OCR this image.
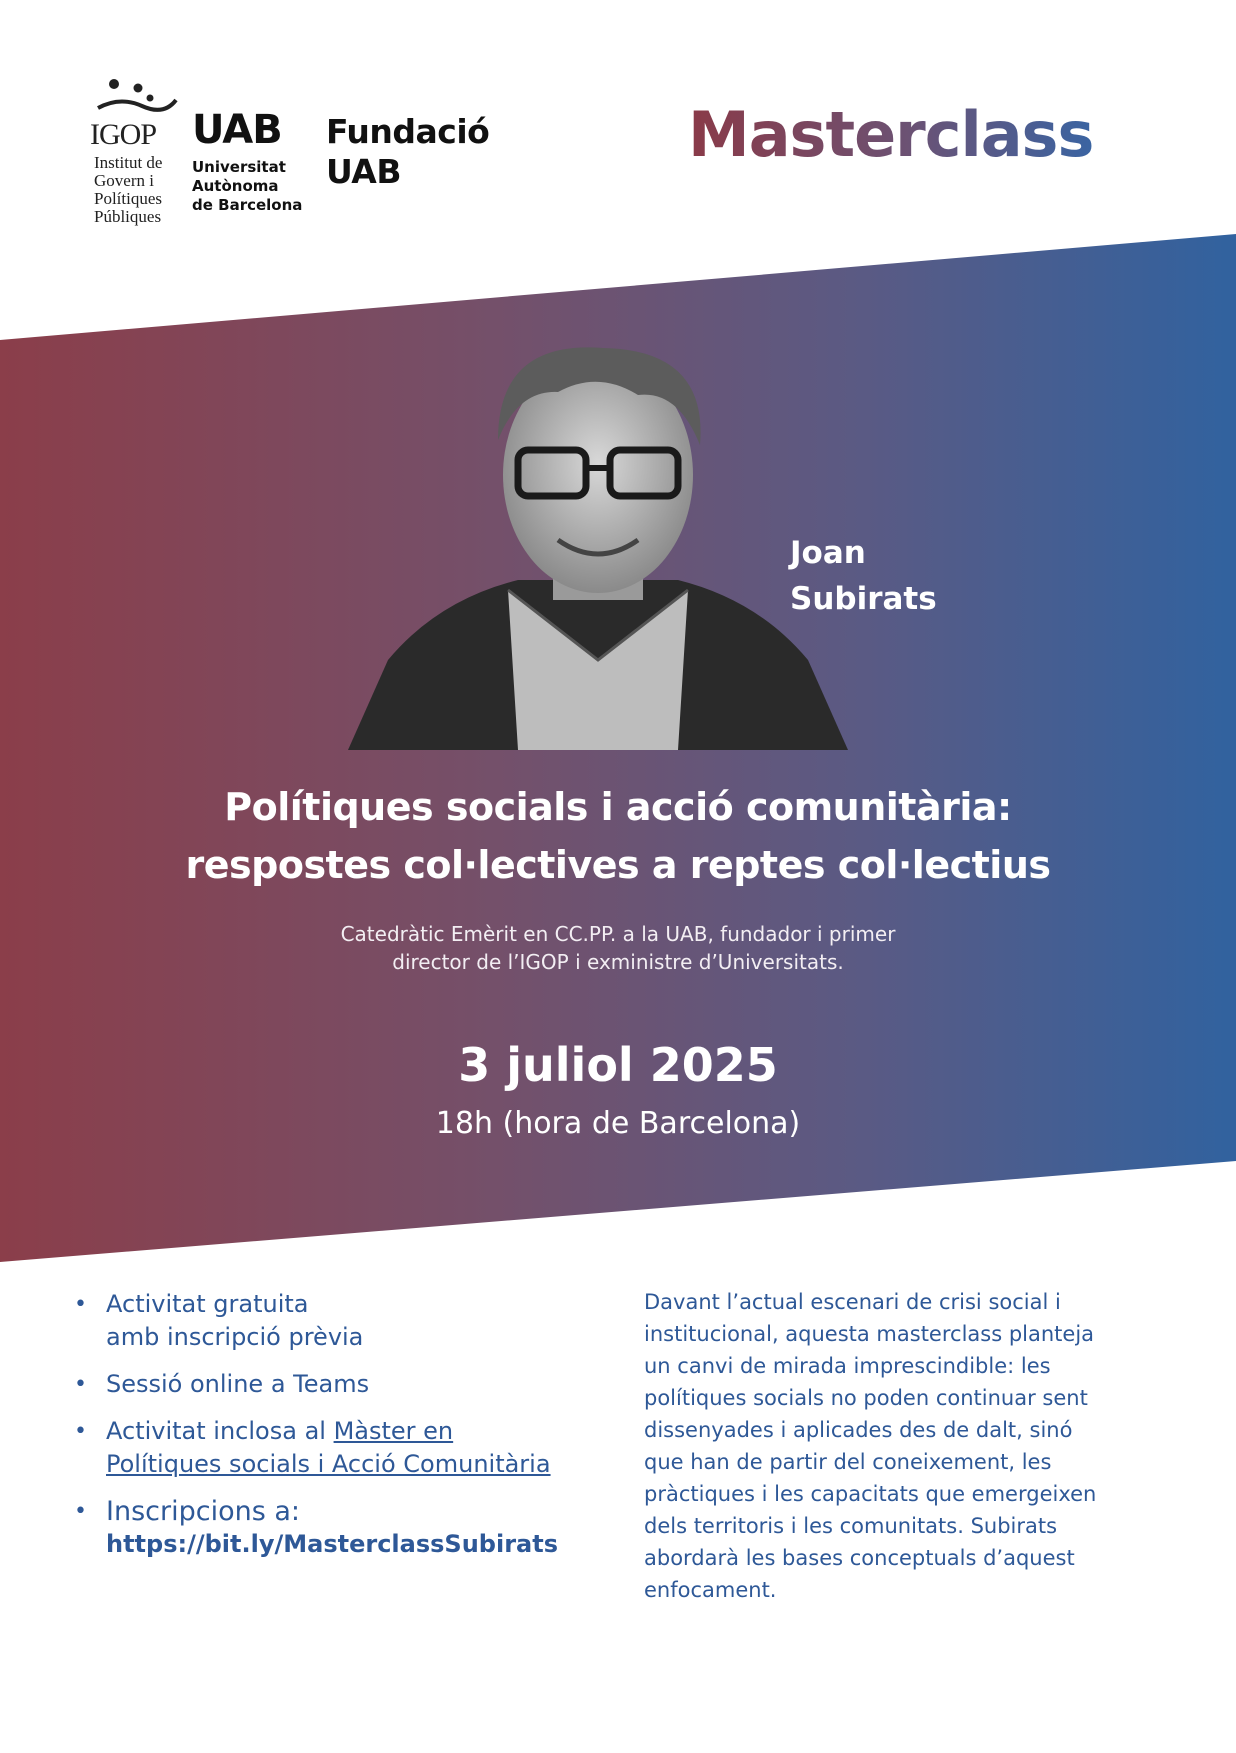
IGOP
Institut de
Govern i
Polítiques
Públiques
UAB
Universitat
Autònoma
de Barcelona
Fundació
UAB
Masterclass
Joan
Subirats
Polítiques socials i acció comunitària:
respostes col·lectives a reptes col·lectius
Catedràtic Emèrit en CC.PP. a la UAB, fundador i primer
director de l’IGOP i exministre d’Universitats.
3 juliol 2025
18h (hora de Barcelona)
• Activitat gratuita
amb inscripció prèvia
• Sessió online a Teams
• Activitat inclosa al Màster en
Polítiques socials i Acció Comunitària
• Inscripcions a:
https://bit.ly/MasterclassSubirats
Davant l’actual escenari de crisi social i
institucional, aquesta masterclass planteja
un canvi de mirada imprescindible: les
polítiques socials no poden continuar sent
dissenyades i aplicades des de dalt, sinó
que han de partir del coneixement, les
pràctiques i les capacitats que emergeixen
dels territoris i les comunitats. Subirats
abordarà les bases conceptuals d’aquest
enfocament.
